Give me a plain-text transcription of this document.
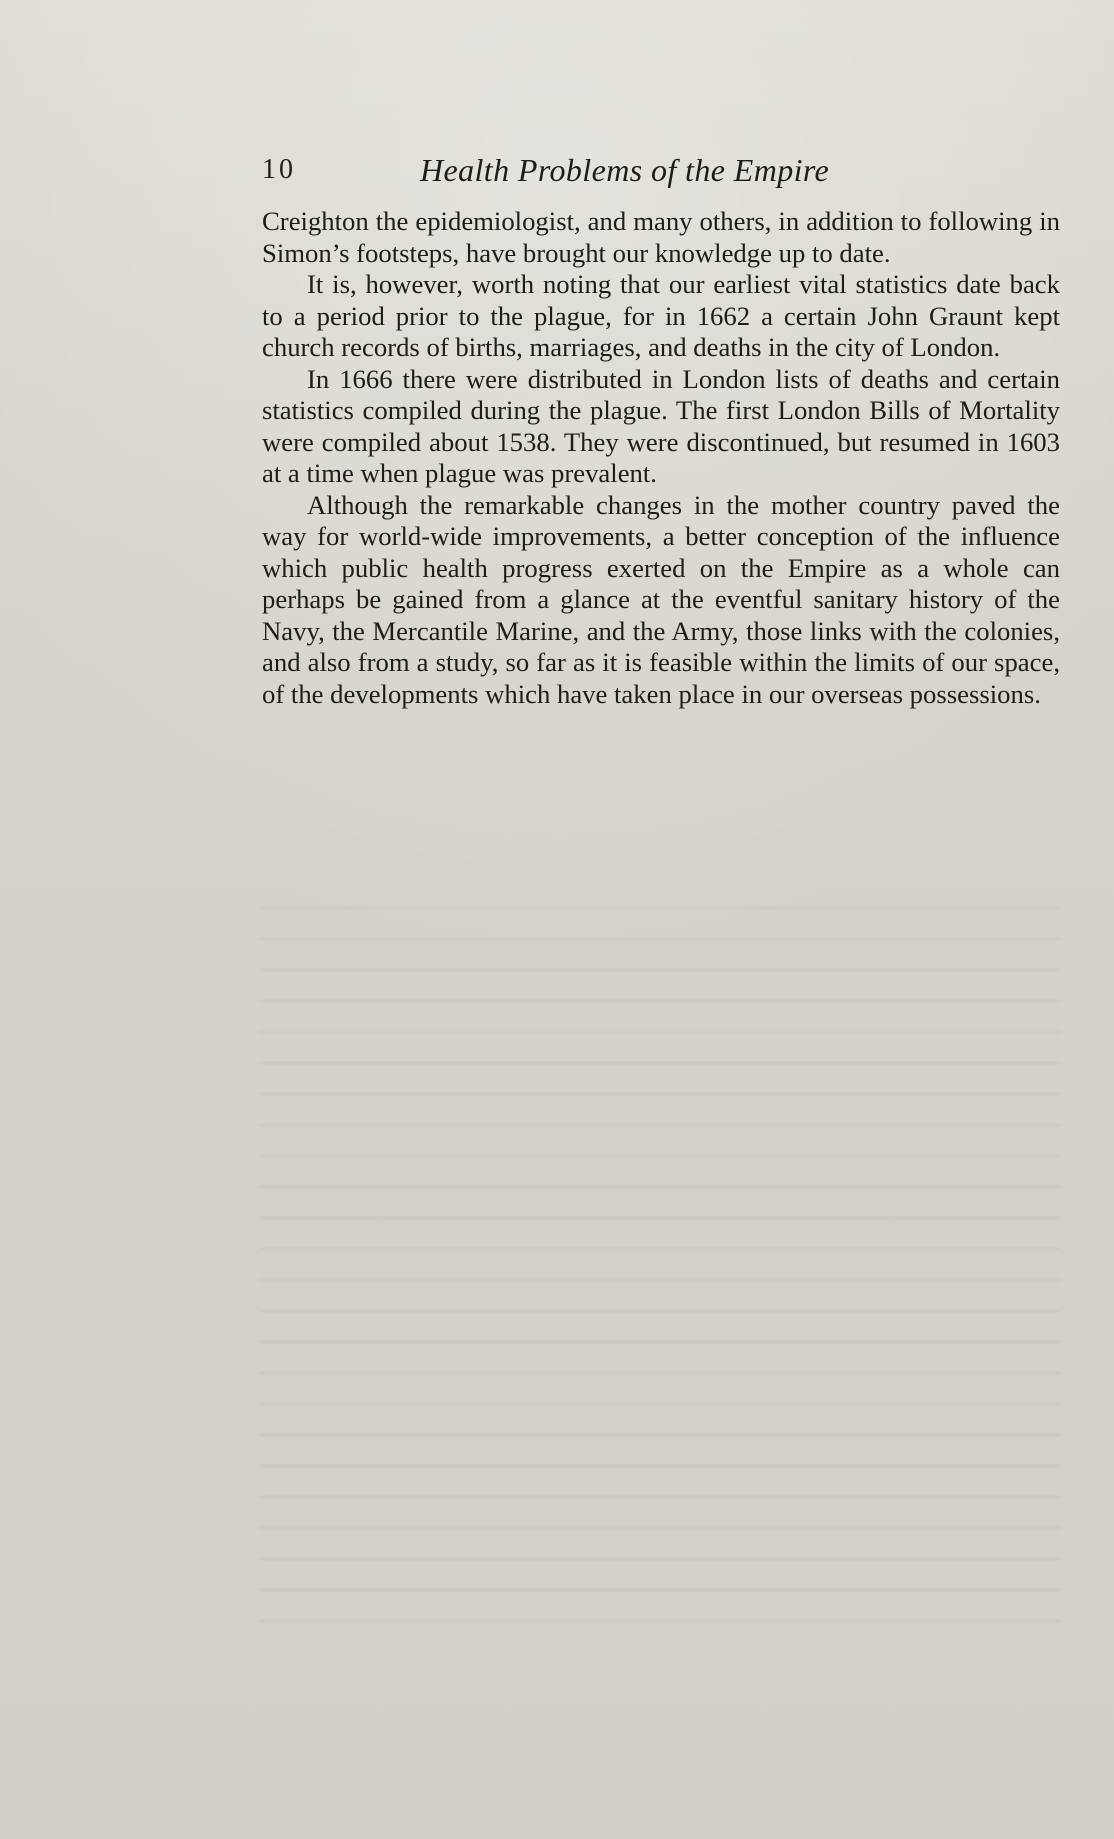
10	Health Problems of the Empire

Creighton the epidemiologist, and many others, in addition to following in Simon’s footsteps, have brought our knowledge up to date.

It is, however, worth noting that our earliest vital statistics date back to a period prior to the plague, for in 1662 a certain John Graunt kept church records of births, marriages, and deaths in the city of London.

In 1666 there were distributed in London lists of deaths and certain statistics compiled during the plague. The first London Bills of Mortality were compiled about 1538. They were discontinued, but resumed in 1603 at a time when plague was prevalent.

Although the remarkable changes in the mother country paved the way for world-wide improvements, a better conception of the influence which public health progress exerted on the Empire as a whole can perhaps be gained from a glance at the eventful sanitary history of the Navy, the Mercantile Marine, and the Army, those links with the colonies, and also from a study, so far as it is feasible within the limits of our space, of the developments which have taken place in our overseas possessions.
